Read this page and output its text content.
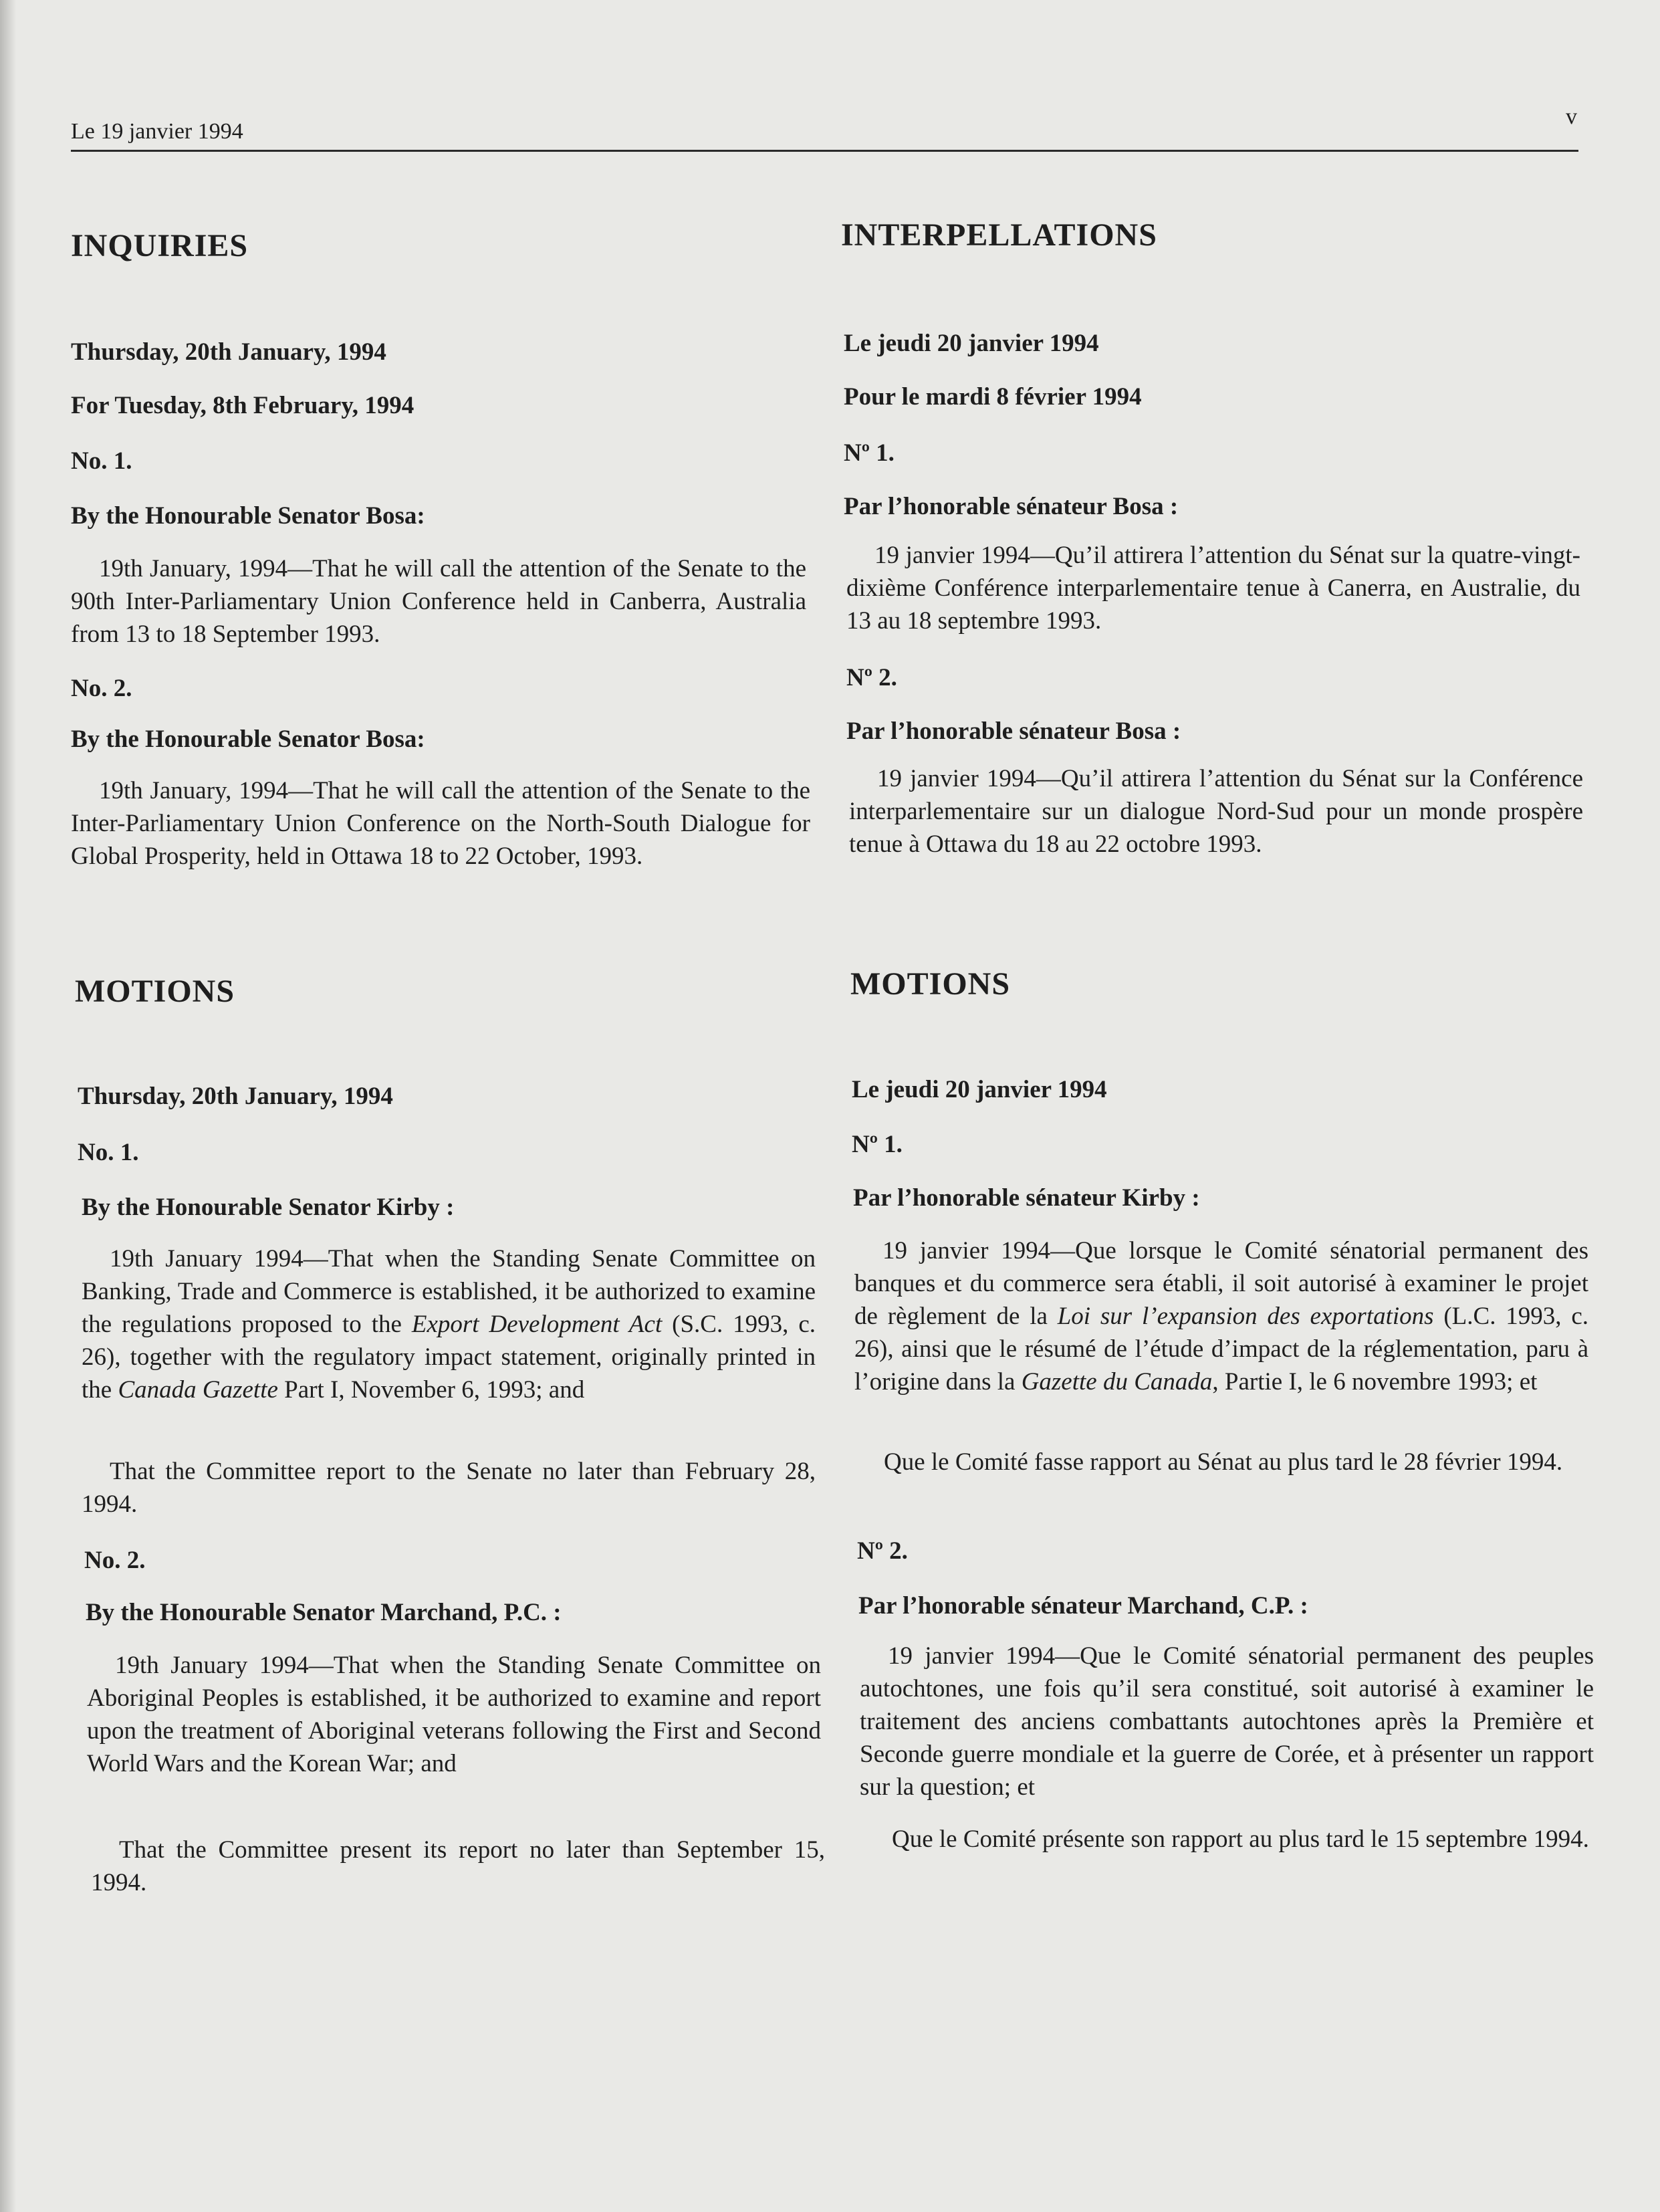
Le 19 janvier 1994
v
INQUIRIES
Thursday, 20th January, 1994
For Tuesday, 8th February, 1994
No. 1.
By the Honourable Senator Bosa:
19th January, 1994—That he will call the attention of the Senate to the 90th Inter-Parliamentary Union Conference held in Canberra, Australia from 13 to 18 September 1993.
No. 2.
By the Honourable Senator Bosa:
19th January, 1994—That he will call the attention of the Senate to the Inter-Parliamentary Union Conference on the North-South Dialogue for Global Prosperity, held in Ottawa 18 to 22 October, 1993.
MOTIONS
Thursday, 20th January, 1994
No. 1.
By the Honourable Senator Kirby :
19th January 1994—That when the Standing Senate Committee on Banking, Trade and Commerce is established, it be authorized to examine the regulations proposed to the Export Development Act (S.C. 1993, c. 26), together with the regulatory impact statement, originally printed in the Canada Gazette Part I, November 6, 1993; and
That the Committee report to the Senate no later than February 28, 1994.
No. 2.
By the Honourable Senator Marchand, P.C. :
19th January 1994—That when the Standing Senate Committee on Aboriginal Peoples is established, it be authorized to examine and report upon the treatment of Aboriginal veterans following the First and Second World Wars and the Korean War; and
That the Committee present its report no later than September 15, 1994.
INTERPELLATIONS
Le jeudi 20 janvier 1994
Pour le mardi 8 février 1994
Nº 1.
Par l’honorable sénateur Bosa :
19 janvier 1994—Qu’il attirera l’attention du Sénat sur la quatre-vingt-dixième Conférence interparlementaire tenue à Canerra, en Australie, du 13 au 18 septembre 1993.
Nº 2.
Par l’honorable sénateur Bosa :
19 janvier 1994—Qu’il attirera l’attention du Sénat sur la Conférence interparlementaire sur un dialogue Nord-Sud pour un monde prospère tenue à Ottawa du 18 au 22 octobre 1993.
MOTIONS
Le jeudi 20 janvier 1994
Nº 1.
Par l’honorable sénateur Kirby :
19 janvier 1994—Que lorsque le Comité sénatorial permanent des banques et du commerce sera établi, il soit autorisé à examiner le projet de règlement de la Loi sur l’expansion des exportations (L.C. 1993, c. 26), ainsi que le résumé de l’étude d’impact de la réglementation, paru à l’origine dans la Gazette du Canada, Partie I, le 6 novembre 1993; et
Que le Comité fasse rapport au Sénat au plus tard le 28 février 1994.
Nº 2.
Par l’honorable sénateur Marchand, C.P. :
19 janvier 1994—Que le Comité sénatorial permanent des peuples autochtones, une fois qu’il sera constitué, soit autorisé à examiner le traitement des anciens combattants autochtones après la Première et Seconde guerre mondiale et la guerre de Corée, et à présenter un rapport sur la question; et
Que le Comité présente son rapport au plus tard le 15 septembre 1994.
